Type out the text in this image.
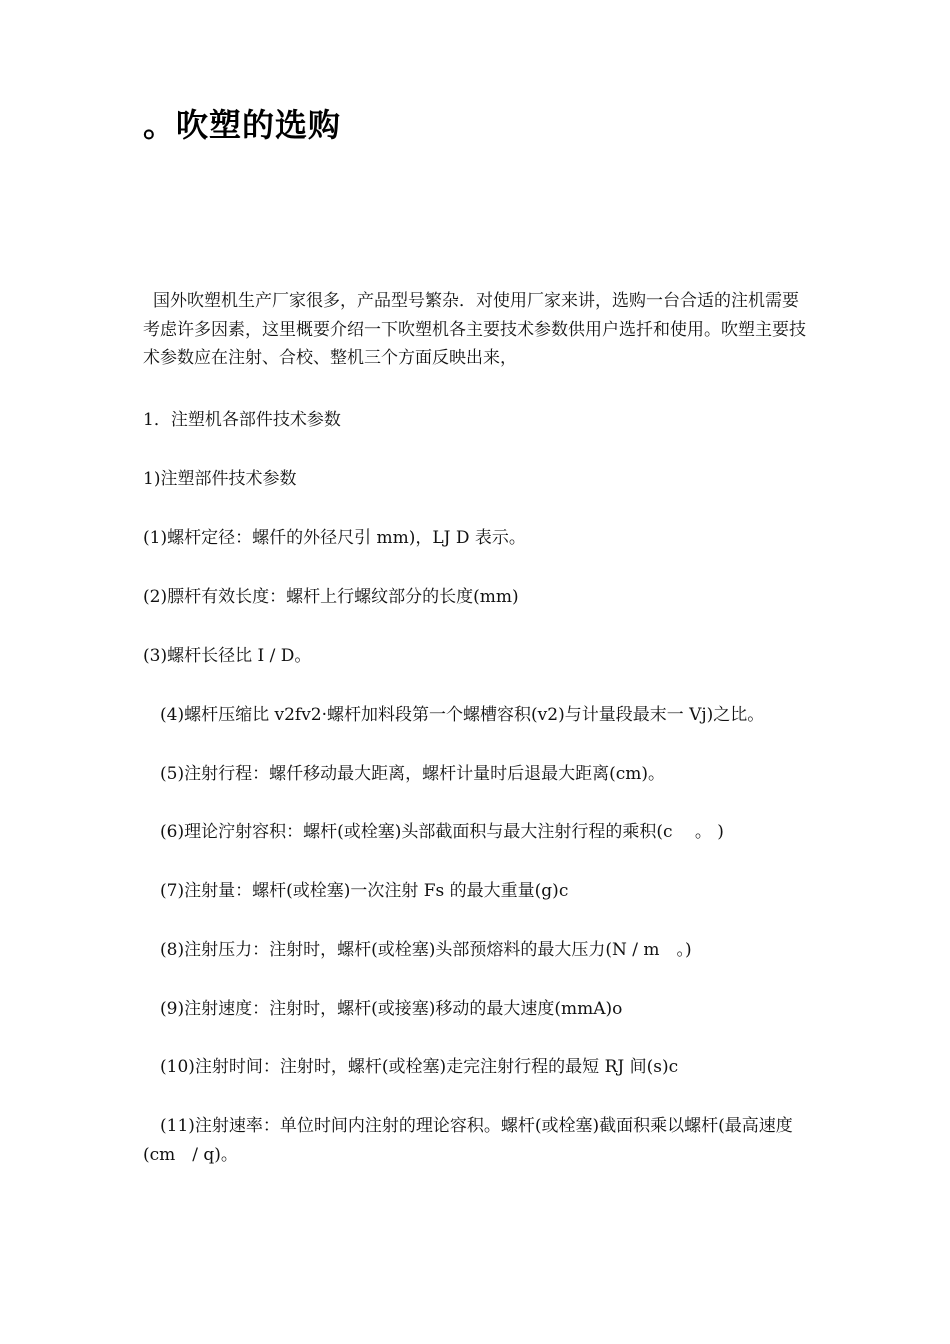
。吹塑的选购

国外吹塑机生产厂家很多，产品型号繁杂．对使用厂家来讲，选购一台合适的注机需要考虑许多因素，这里概要介绍一下吹塑机各主要技术参数供用户选扦和使用。吹塑主要技术参数应在注射、合校、整机三个方面反映出来，

1．注塑机各部件技术参数

1)注塑部件技术参数

(1)螺杆定径：螺仟的外径尺引 mm)，LJ D 表示。

(2)膘杆有效长度：螺杆上行螺纹部分的长度(mm)

(3)螺杆长径比 I / D。

(4)螺杆压缩比 v2fv2·螺杆加料段第一个螺槽容积(v2)与计量段最末一 Vj)之比。

(5)注射行程：螺仟移动最大距离，螺杆计量时后退最大距离(cm)。

(6)理论泞射容积：螺杆(或栓塞)头部截面积与最大注射行程的乘积(c　 。 )

(7)注射量：螺杆(或栓塞)一次注射 Fs 的最大重量(g)c

(8)注射压力：注射时，螺杆(或栓塞)头部预熔料的最大压力(N / m　。)

(9)注射速度：注射时，螺杆(或接塞)移动的最大速度(mmA)o

(10)注射时间：注射时，螺杆(或栓塞)走完注射行程的最短 RJ 间(s)c

(11)注射速率：单位时间内注射的理论容积。螺杆(或栓塞)截面积乘以螺杆(最高速度(cm　/ q)。
